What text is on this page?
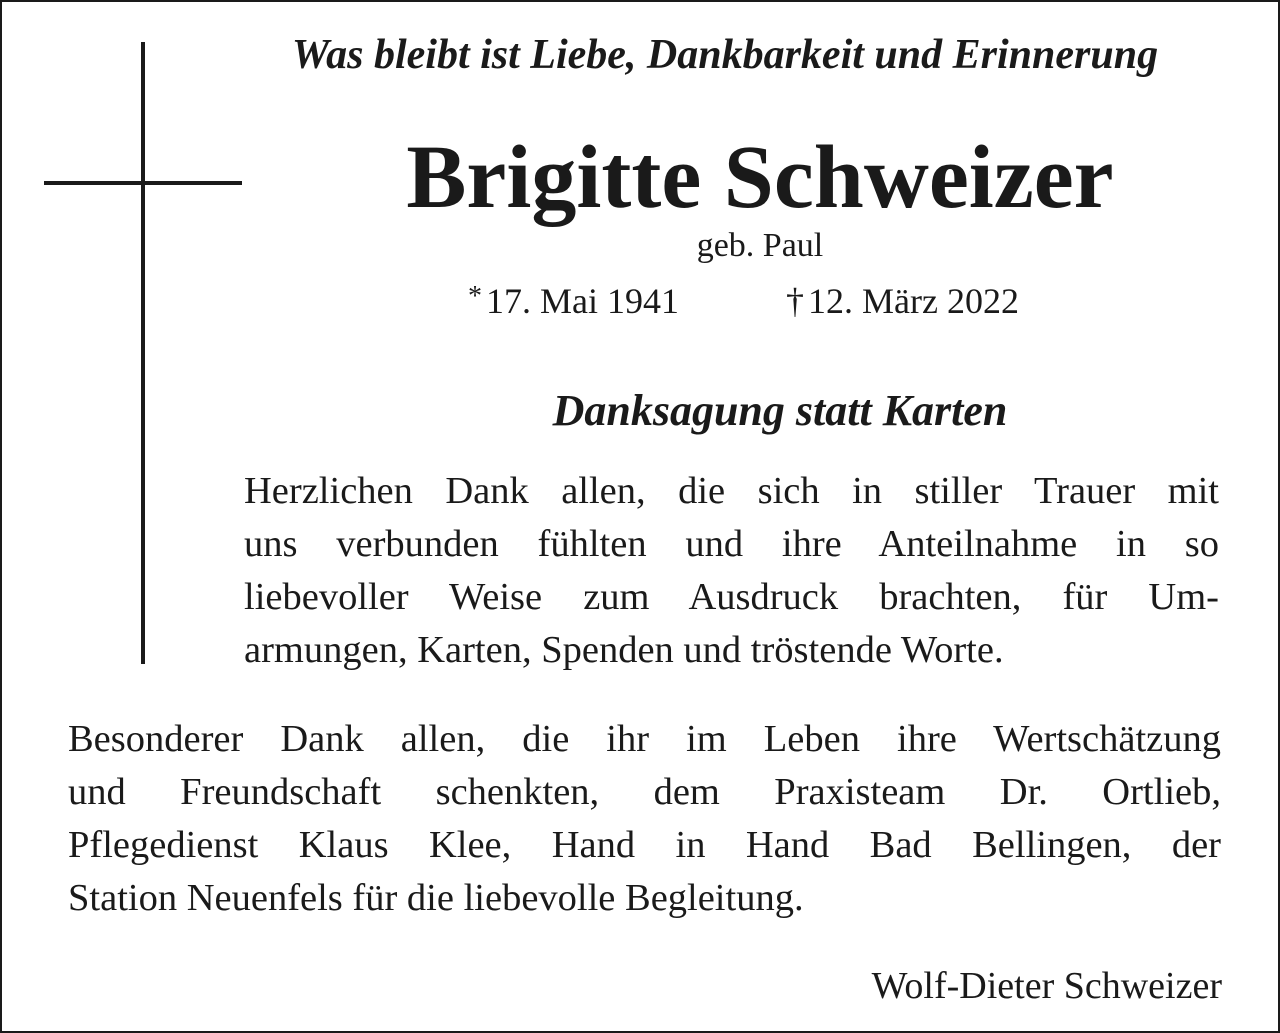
Was bleibt ist Liebe, Dankbarkeit und Erinnerung
Brigitte Schweizer
geb. Paul
* 17. Mai 1941	† 12. März 2022
Danksagung statt Karten
Herzlichen Dank allen, die sich in stiller Trauer mit
uns verbunden fühlten und ihre Anteilnahme in so
liebevoller Weise zum Ausdruck brachten, für Um-
armungen, Karten, Spenden und tröstende Worte.
Besonderer Dank allen, die ihr im Leben ihre Wertschätzung
und Freundschaft schenkten, dem Praxisteam Dr. Ortlieb,
Pflegedienst Klaus Klee, Hand in Hand Bad Bellingen, der
Station Neuenfels für die liebevolle Begleitung.
Wolf-Dieter Schweizer
